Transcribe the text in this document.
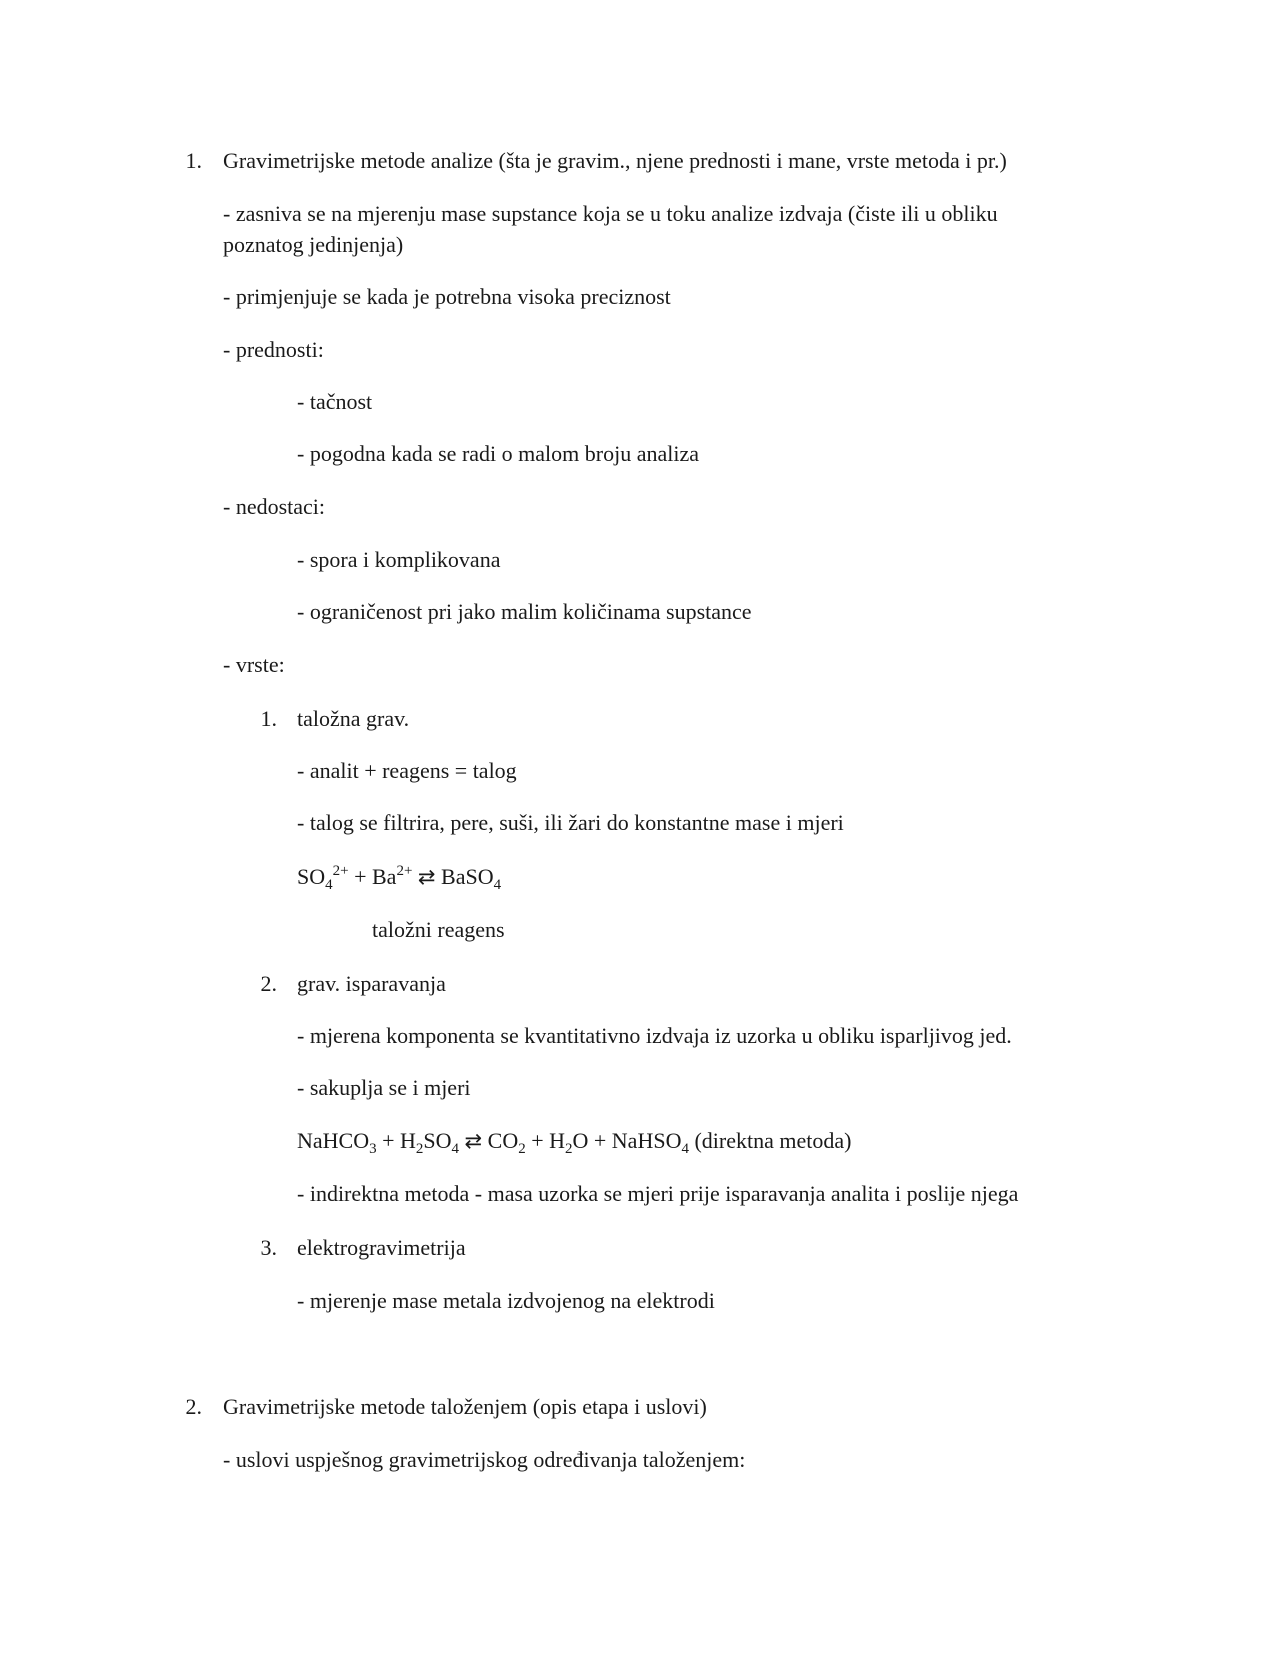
1. Gravimetrijske metode analize (šta je gravim., njene prednosti i mane, vrste metoda i pr.)
- zasniva se na mjerenju mase supstance koja se u toku analize izdvaja (čiste ili u obliku
poznatog jedinjenja)
- primjenjuje se kada je potrebna visoka preciznost
- prednosti:
- tačnost
- pogodna kada se radi o malom broju analiza
- nedostaci:
- spora i komplikovana
- ograničenost pri jako malim količinama supstance
- vrste:
1. taložna grav.
- analit + reagens = talog
- talog se filtrira, pere, suši, ili žari do konstantne mase i mjeri
$SO_4^{2+} + Ba^{2+}$ ⇄ BaSO$_4$
taložni reagens
2. grav. isparavanja
- mjerena komponenta se kvantitativno izdvaja iz uzorka u obliku isparljivog jed.
- sakuplja se i mjeri
NaHCO$_3$ + $H_2SO_4$ ⇄ $CO_2 + H_2O$ + NaHSO$_4$ (direktna metoda)
- indirektna metoda - masa uzorka se mjeri prije isparavanja analita i poslije njega
3. elektrogravimetrija
- mjerenje mase metala izdvojenog na elektrodi
2. Gravimetrijske metode taloženjem (opis etapa i uslovi)
- uslovi uspješnog gravimetrijskog određivanja taloženjem:
